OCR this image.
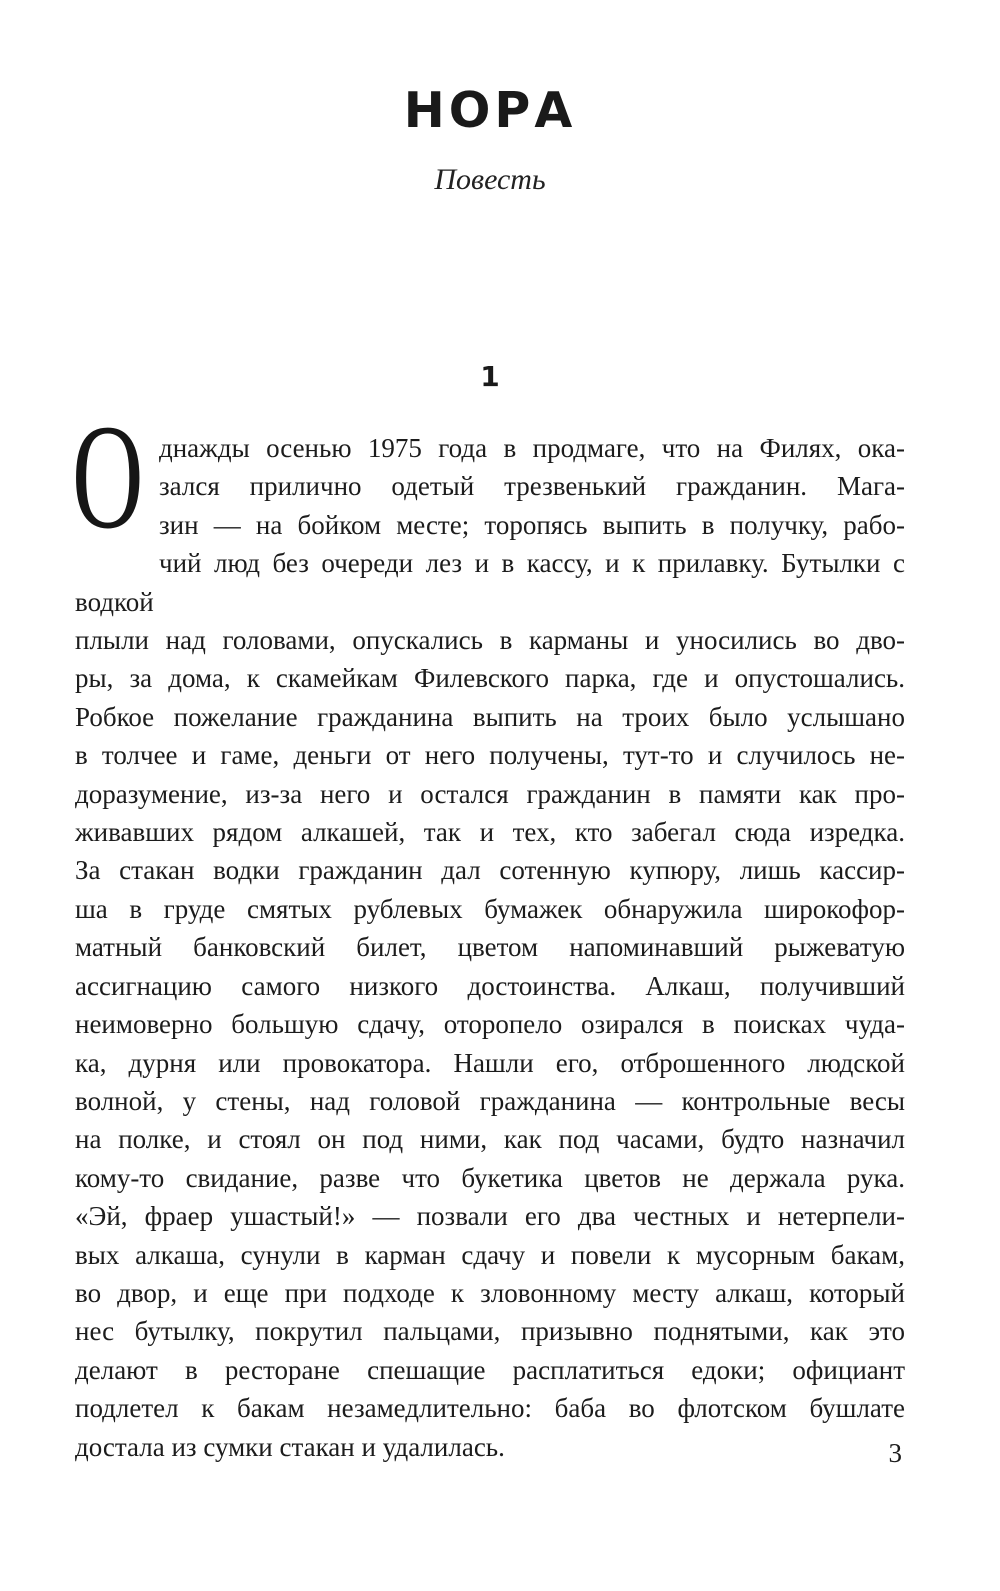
НОРА
Повесть
1
О днажды осенью 1975 года в продмаге, что на Филях, ока-
зался прилично одетый трезвенький гражданин. Мага-
зин — на бойком месте; торопясь выпить в получку, рабо-
чий люд без очереди лез и в кассу, и к прилавку. Бутылки с водкой
плыли над головами, опускались в карманы и уносились во дво-
ры, за дома, к скамейкам Филевского парка, где и опустошались.
Робкое пожелание гражданина выпить на троих было услышано
в толчее и гаме, деньги от него получены, тут-то и случилось не-
доразумение, из-за него и остался гражданин в памяти как про-
живавших рядом алкашей, так и тех, кто забегал сюда изредка.
За стакан водки гражданин дал сотенную купюру, лишь кассир-
ша в груде смятых рублевых бумажек обнаружила широкофор-
матный банковский билет, цветом напоминавший рыжеватую
ассигнацию самого низкого достоинства. Алкаш, получивший
неимоверно большую сдачу, оторопело озирался в поисках чуда-
ка, дурня или провокатора. Нашли его, отброшенного людской
волной, у стены, над головой гражданина — контрольные весы
на полке, и стоял он под ними, как под часами, будто назначил
кому-то свидание, разве что букетика цветов не держала рука.
«Эй, фраер ушастый!» — позвали его два честных и нетерпели-
вых алкаша, сунули в карман сдачу и повели к мусорным бакам,
во двор, и еще при подходе к зловонному месту алкаш, который
нес бутылку, покрутил пальцами, призывно поднятыми, как это
делают в ресторане спешащие расплатиться едоки; официант
подлетел к бакам незамедлительно: баба во флотском бушлате
достала из сумки стакан и удалилась.	3
